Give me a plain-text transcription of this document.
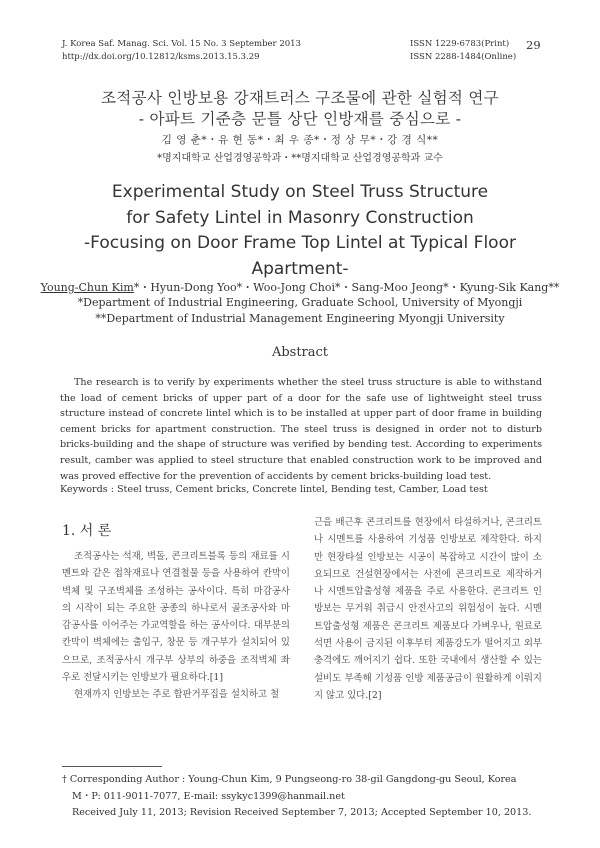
J. Korea Saf. Manag. Sci. Vol. 15 No. 3 September 2013
http://dx.doi.org/10.12812/ksms.2013.15.3.29
ISSN 1229-6783(Print)
ISSN 2288-1484(Online)
29
조적공사 인방보용 강재트러스 구조물에 관한 실험적 연구
- 아파트 기준층 문틀 상단 인방재를 중심으로 -
김 영 춘*・유 현 동*・최 우 종*・정 상 무*・강 경 식**
*명지대학교 산업경영공학과・**명지대학교 산업경영공학과 교수
Experimental Study on Steel Truss Structure
for Safety Lintel in Masonry Construction
-Focusing on Door Frame Top Lintel at Typical Floor
Apartment-
Young-Chun Kim*・Hyun-Dong Yoo*・Woo-Jong Choi*・Sang-Moo Jeong*・Kyung-Sik Kang**
*Department of Industrial Engineering, Graduate School, University of Myongji
**Department of Industrial Management Engineering Myongji University
Abstract
The research is to verify by experiments whether the steel truss structure is able to withstand the load of cement bricks of upper part of a door for the safe use of lightweight steel truss structure instead of concrete lintel which is to be installed at upper part of door frame in building cement bricks for apartment construction. The steel truss is designed in order not to disturb bricks-building and the shape of structure was verified by bending test. According to experiments result, camber was applied to steel structure that enabled construction work to be improved and was proved effective for the prevention of accidents by cement bricks-building load test.
Keywords : Steel truss, Cement bricks, Concrete lintel, Bending test, Camber, Load test
1. 서 론

조적공사는 석재, 벽돌, 콘크리트블록 등의 재료를 시멘트와 같은 접착재료나 연결철물 등을 사용하여 칸막이벽체 및 구조벽체를 조성하는 공사이다. 특히 마감공사의 시작이 되는 주요한 공종의 하나로서 골조공사와 마감공사를 이어주는 가교역할을 하는 공사이다. 대부분의 칸막이 벽체에는 출입구, 창문 등 개구부가 설치되어 있으므로, 조적공사시 개구부 상부의 하중을 조적벽체 좌우로 전달시키는 인방보가 필요하다.[1]

현재까지 인방보는 주로 합판거푸집을 설치하고 철

근을 배근후 콘크리트를 현장에서 타설하거나, 콘크리트나 시멘트를 사용하여 기성품 인방보로 제작한다. 하지만 현장타설 인방보는 시공이 복잡하고 시간이 많이 소요되므로 건설현장에서는 사전에 콘크리트로 제작하거나 시멘트압출성형 제품을 주로 사용한다. 콘크리트 인방보는 무거워 취급시 안전사고의 위험성이 높다. 시멘트압출성형 제품은 콘크리트 제품보다 가벼우나, 원료로 석면 사용이 금지된 이후부터 제품강도가 떨어지고 외부 충격에도 깨어지기 쉽다. 또한 국내에서 생산할 수 있는 설비도 부족해 기성품 인방 제품공급이 원활하게 이뤄지지 않고 있다.[2]

† Corresponding Author : Young-Chun Kim, 9 Pungseong-ro 38-gil Gangdong-gu Seoul, Korea
M・P: 011-9011-7077, E-mail: ssykyc1399@hanmail.net
Received July 11, 2013; Revision Received September 7, 2013; Accepted September 10, 2013.
